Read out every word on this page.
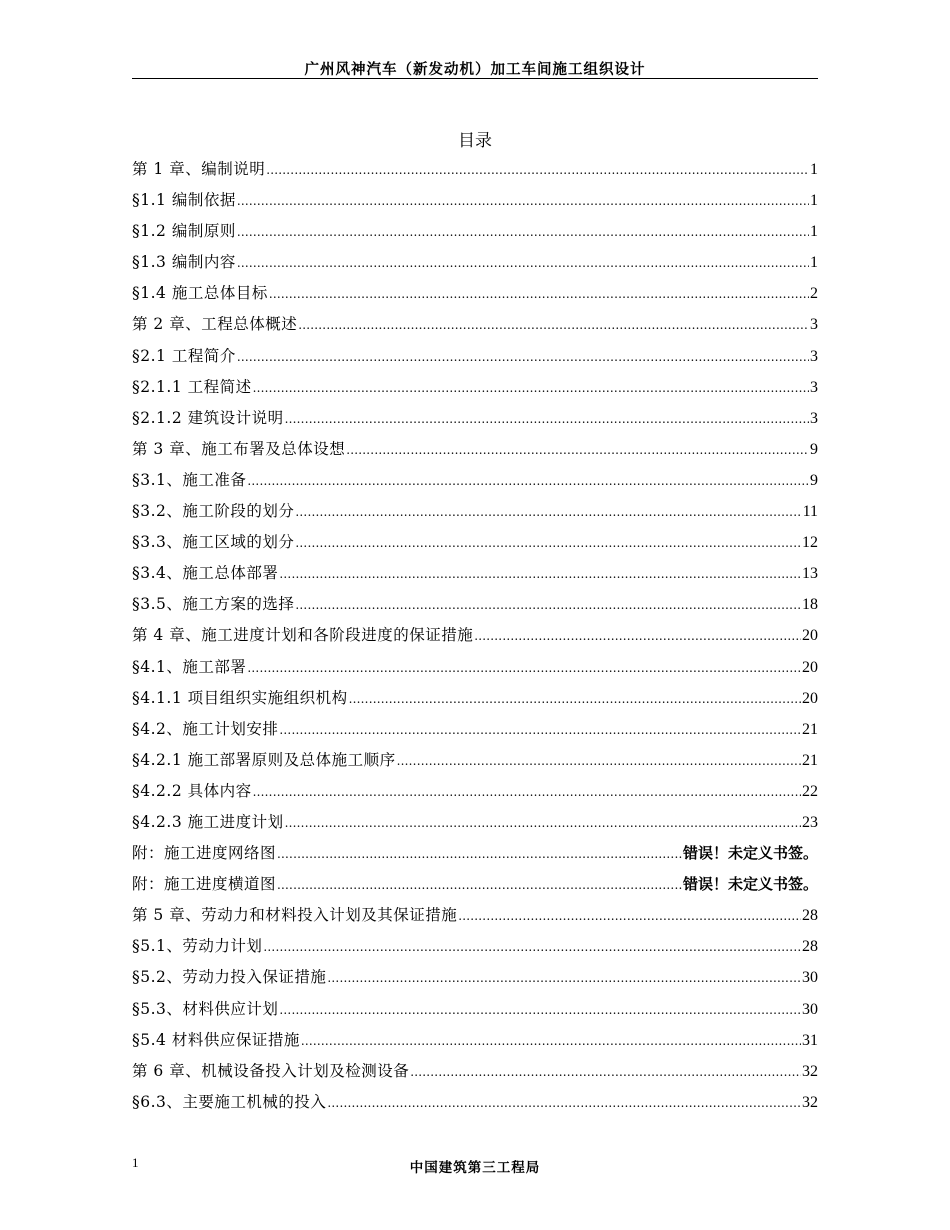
广州风神汽车（新发动机）加工车间施工组织设计
目录
第 1 章、编制说明 .....	1
§1.1 编制依据 .....	1
§1.2 编制原则 .....	1
§1.3 编制内容 .....	1
§1.4 施工总体目标 .....	2
第 2 章、工程总体概述 .....	3
§2.1 工程简介 .....	3
§2.1.1 工程简述 .....	3
§2.1.2 建筑设计说明 .....	3
第 3 章、施工布署及总体设想 .....	9
§3.1、施工准备 .....	9
§3.2、施工阶段的划分 .....	11
§3.3、施工区域的划分 .....	12
§3.4、施工总体部署 .....	13
§3.5、施工方案的选择 .....	18
第 4 章、施工进度计划和各阶段进度的保证措施 .....	20
§4.1、施工部署 .....	20
§4.1.1 项目组织实施组织机构 .....	20
§4.2、施工计划安排 .....	21
§4.2.1 施工部署原则及总体施工顺序 .....	21
§4.2.2 具体内容 .....	22
§4.2.3 施工进度计划 .....	23
附：施工进度网络图 .....	错误！未定义书签。
附：施工进度横道图 .....	错误！未定义书签。
第 5 章、劳动力和材料投入计划及其保证措施 .....	28
§5.1、劳动力计划 .....	28
§5.2、劳动力投入保证措施 .....	30
§5.3、材料供应计划 .....	30
§5.4 材料供应保证措施 .....	31
第 6 章、机械设备投入计划及检测设备 .....	32
§6.3、主要施工机械的投入 .....	32
1	中国建筑第三工程局
